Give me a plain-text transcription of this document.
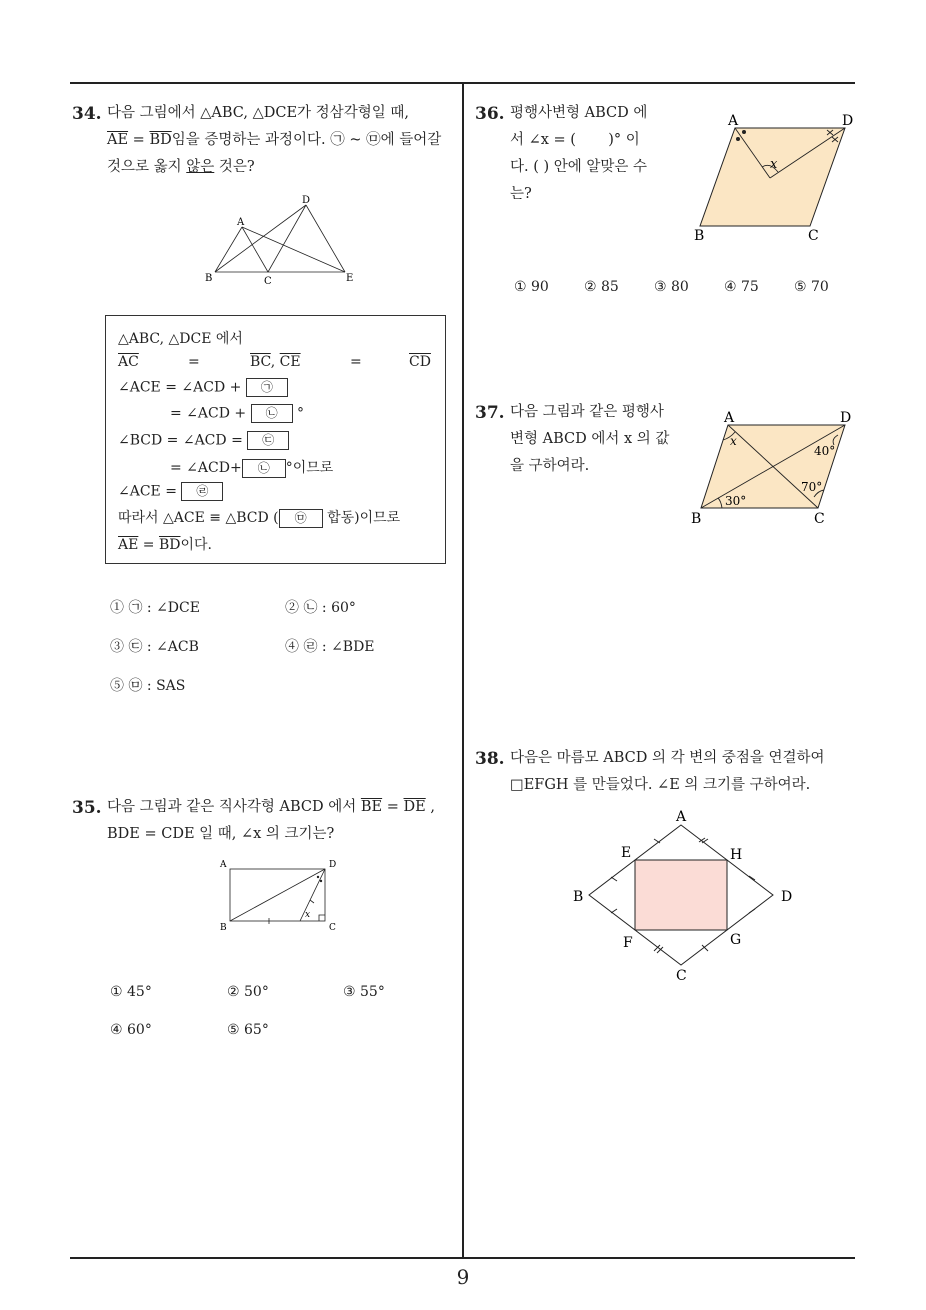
34. 다음 그림에서 △ABC, △DCE가 정삼각형일 때,
$\overline{AE} = \overline{BD}$임을 증명하는 과정이다. ㉠ ~ ㉤에 들어갈
것으로 옳지 않은 것은?
A
B	C
D
E
△ABC, △DCE 에서
$\overline{AC}$	=	$\overline{BC}$, $\overline{CE}$	=	$\overline{CD}$
∠ACE = ∠ACD + ㉠
= ∠ACD + ㉡ °
∠BCD = ∠ACD = ㉢
= ∠ACD+ ㉡ °이므로
∠ACE = ㉣
따라서 △ACE ≡ △BCD ( ㉤ 합동)이므로
$\overline{AE} = \overline{BD}$이다.
① ㉠ : ∠DCE	② ㉡ : 60°
③ ㉢ : ∠ACB	④ ㉣ : ∠BDE
⑤ ㉤ : SAS
35. 다음 그림과 같은 직사각형 ABCD 에서 $\overline{BE} = \overline{DE}$ ,
BDE = CDE 일 때, ∠x 의 크기는?
A	D
B	C
x
① 45°	② 50°	③ 55°
④ 60°	⑤ 65°
36. 평행사변형 ABCD 에
서 ∠x = (       )° 이
다. ( ) 안에 알맞은 수
는?
A	D
B	C
x
① 90	② 85	③ 80	④ 75	⑤ 70
37. 다음 그림과 같은 평행사
변형 ABCD 에서 x 의 값
을 구하여라.
A	D
B	C
x
40°
70°
30°
38. 다음은 마름모 ABCD 의 각 변의 중점을 연결하여
□EFGH 를 만들었다. ∠E 의 크기를 구하여라.
A
B
C
D
E	H
F	G
9
